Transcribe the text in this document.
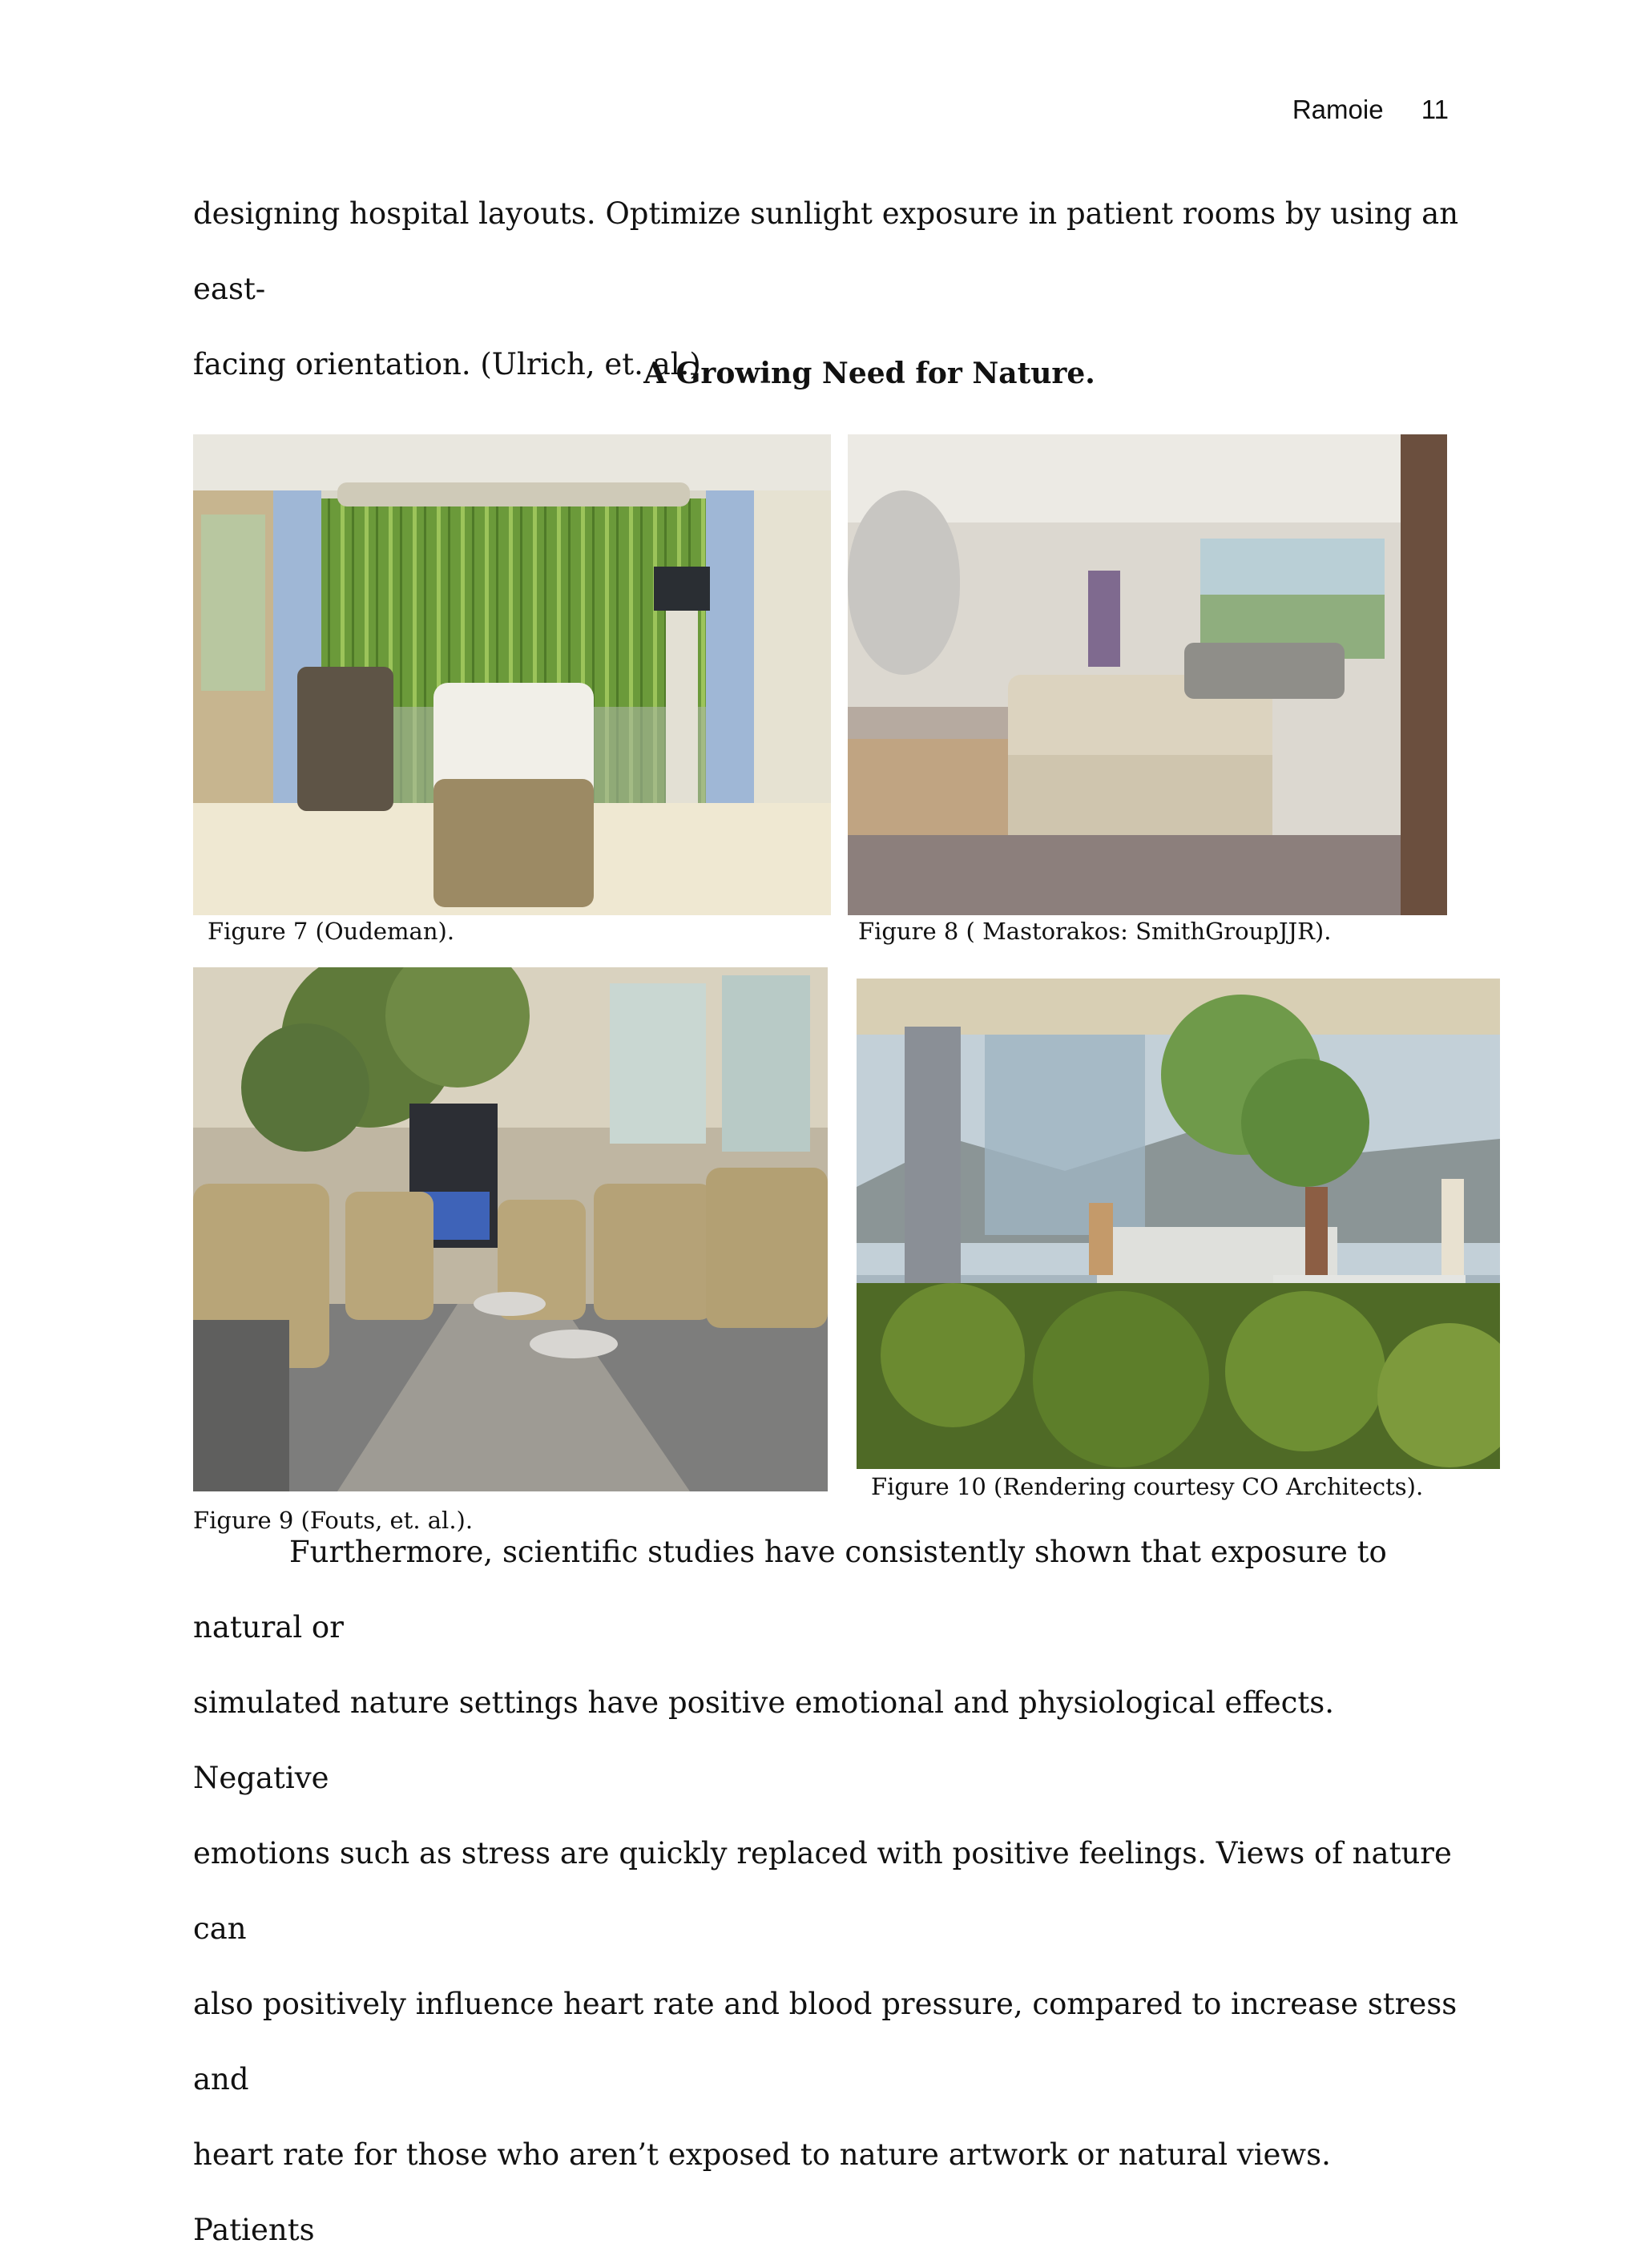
Ramoie 11
designing hospital layouts. Optimize sunlight exposure in patient rooms by using an east-
facing orientation. (Ulrich, et. al.).
A Growing Need for Nature.
Figure 7 (Oudeman).	Figure 8 ( Mastorakos: SmithGroupJJR).
Figure 9 (Fouts, et. al.).
Figure 10 (Rendering courtesy CO Architects).
Furthermore, scientific studies have consistently shown that exposure to natural or
simulated nature settings have positive emotional and physiological effects. Negative
emotions such as stress are quickly replaced with positive feelings. Views of nature can
also positively influence heart rate and blood pressure, compared to increase stress and
heart rate for those who aren’t exposed to nature artwork or natural views. Patients
